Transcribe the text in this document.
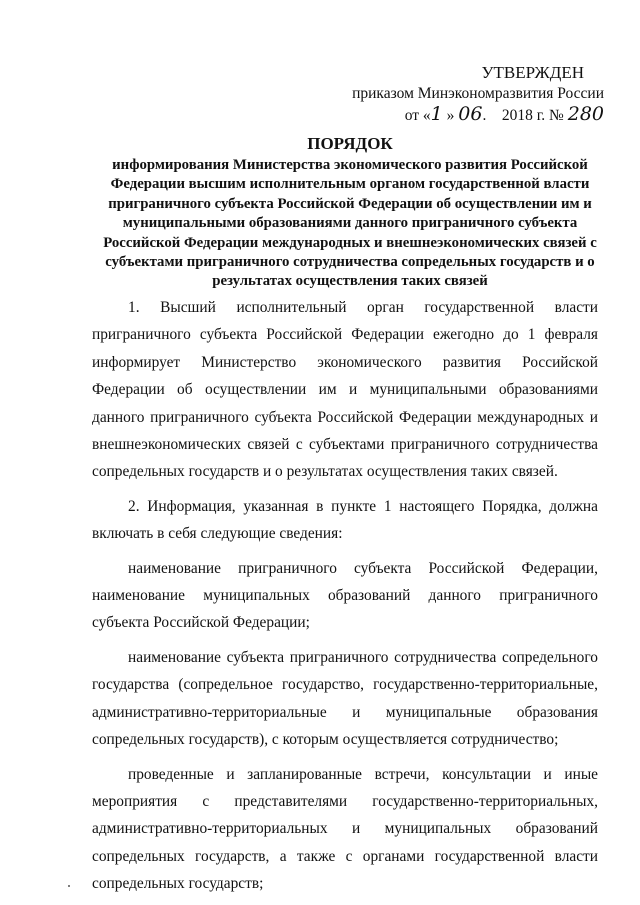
УТВЕРЖДЕН
приказом Минэкономразвития России
от «1 » 06.    2018 г. № 280
ПОРЯДОК
информирования Министерства экономического развития Российской Федерации высшим исполнительным органом государственной власти приграничного субъекта Российской Федерации об осуществлении им и муниципальными образованиями данного приграничного субъекта Российской Федерации международных и внешнеэкономических связей с субъектами приграничного сотрудничества сопредельных государств и о результатах осуществления таких связей

1. Высший исполнительный орган государственной власти приграничного субъекта Российской Федерации ежегодно до 1 февраля информирует Министерство экономического развития Российской Федерации об осуществлении им и муниципальными образованиями данного приграничного субъекта Российской Федерации международных и внешнеэкономических связей с субъектами приграничного сотрудничества сопредельных государств и о результатах осуществления таких связей.

2. Информация, указанная в пункте 1 настоящего Порядка, должна включать в себя следующие сведения:

наименование приграничного субъекта Российской Федерации, наименование муниципальных образований данного приграничного субъекта Российской Федерации;

наименование субъекта приграничного сотрудничества сопредельного государства (сопредельное государство, государственно-территориальные, административно-территориальные и муниципальные образования сопредельных государств), с которым осуществляется сотрудничество;

проведенные и запланированные встречи, консультации и иные мероприятия с представителями государственно-территориальных, административно-территориальных и муниципальных образований сопредельных государств, а также с органами государственной власти сопредельных государств;
